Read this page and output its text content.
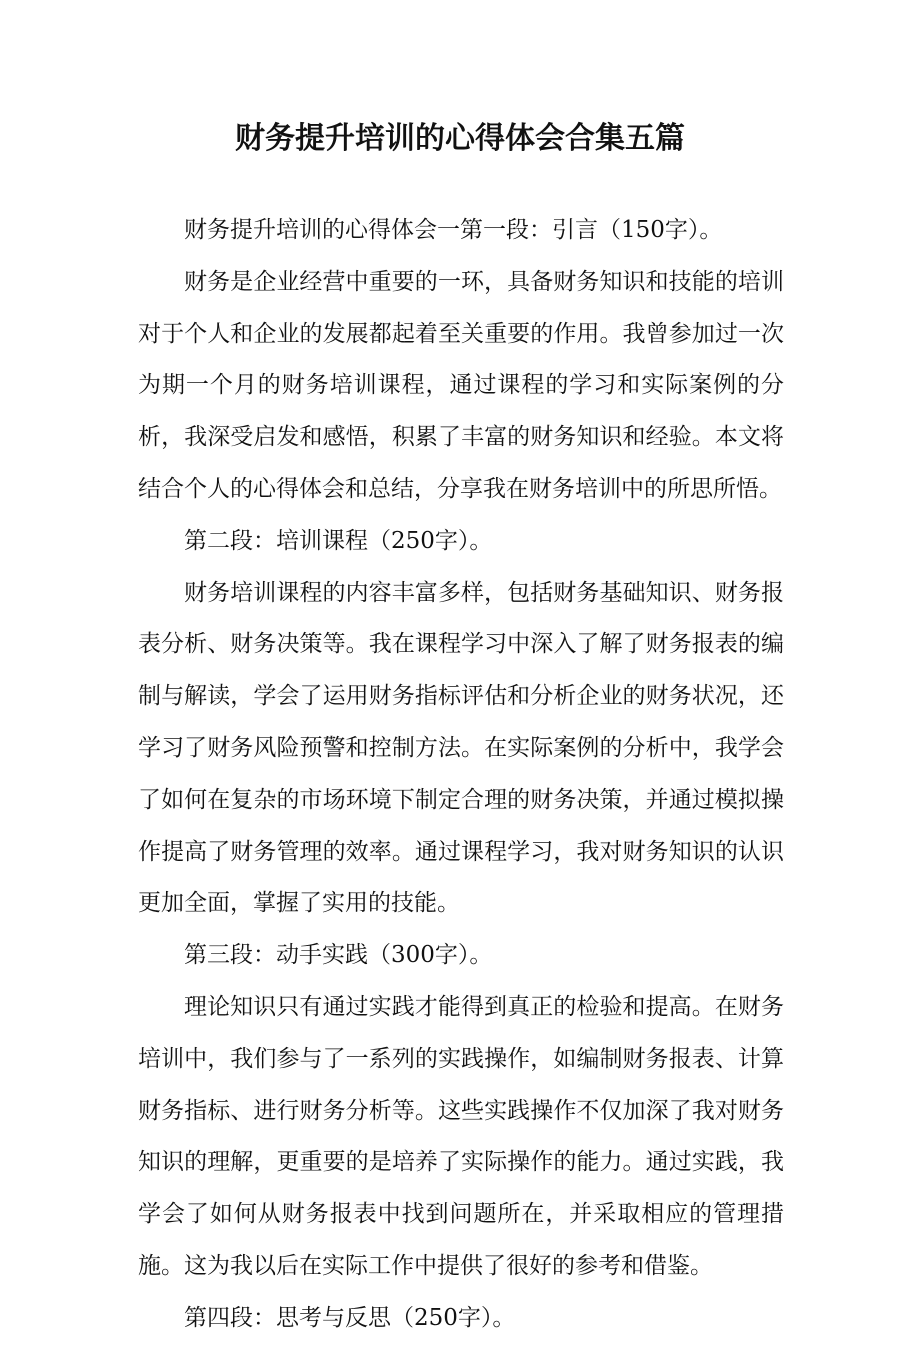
财务提升培训的心得体会合集五篇

财务提升培训的心得体会一第一段：引言（150字）。

财务是企业经营中重要的一环，具备财务知识和技能的培训对于个人和企业的发展都起着至关重要的作用。我曾参加过一次为期一个月的财务培训课程，通过课程的学习和实际案例的分析，我深受启发和感悟，积累了丰富的财务知识和经验。本文将结合个人的心得体会和总结，分享我在财务培训中的所思所悟。

第二段：培训课程（250字）。

财务培训课程的内容丰富多样，包括财务基础知识、财务报表分析、财务决策等。我在课程学习中深入了解了财务报表的编制与解读，学会了运用财务指标评估和分析企业的财务状况，还学习了财务风险预警和控制方法。在实际案例的分析中，我学会了如何在复杂的市场环境下制定合理的财务决策，并通过模拟操作提高了财务管理的效率。通过课程学习，我对财务知识的认识更加全面，掌握了实用的技能。

第三段：动手实践（300字）。

理论知识只有通过实践才能得到真正的检验和提高。在财务培训中，我们参与了一系列的实践操作，如编制财务报表、计算财务指标、进行财务分析等。这些实践操作不仅加深了我对财务知识的理解，更重要的是培养了实际操作的能力。通过实践，我学会了如何从财务报表中找到问题所在，并采取相应的管理措施。这为我以后在实际工作中提供了很好的参考和借鉴。

第四段：思考与反思（250字）。
